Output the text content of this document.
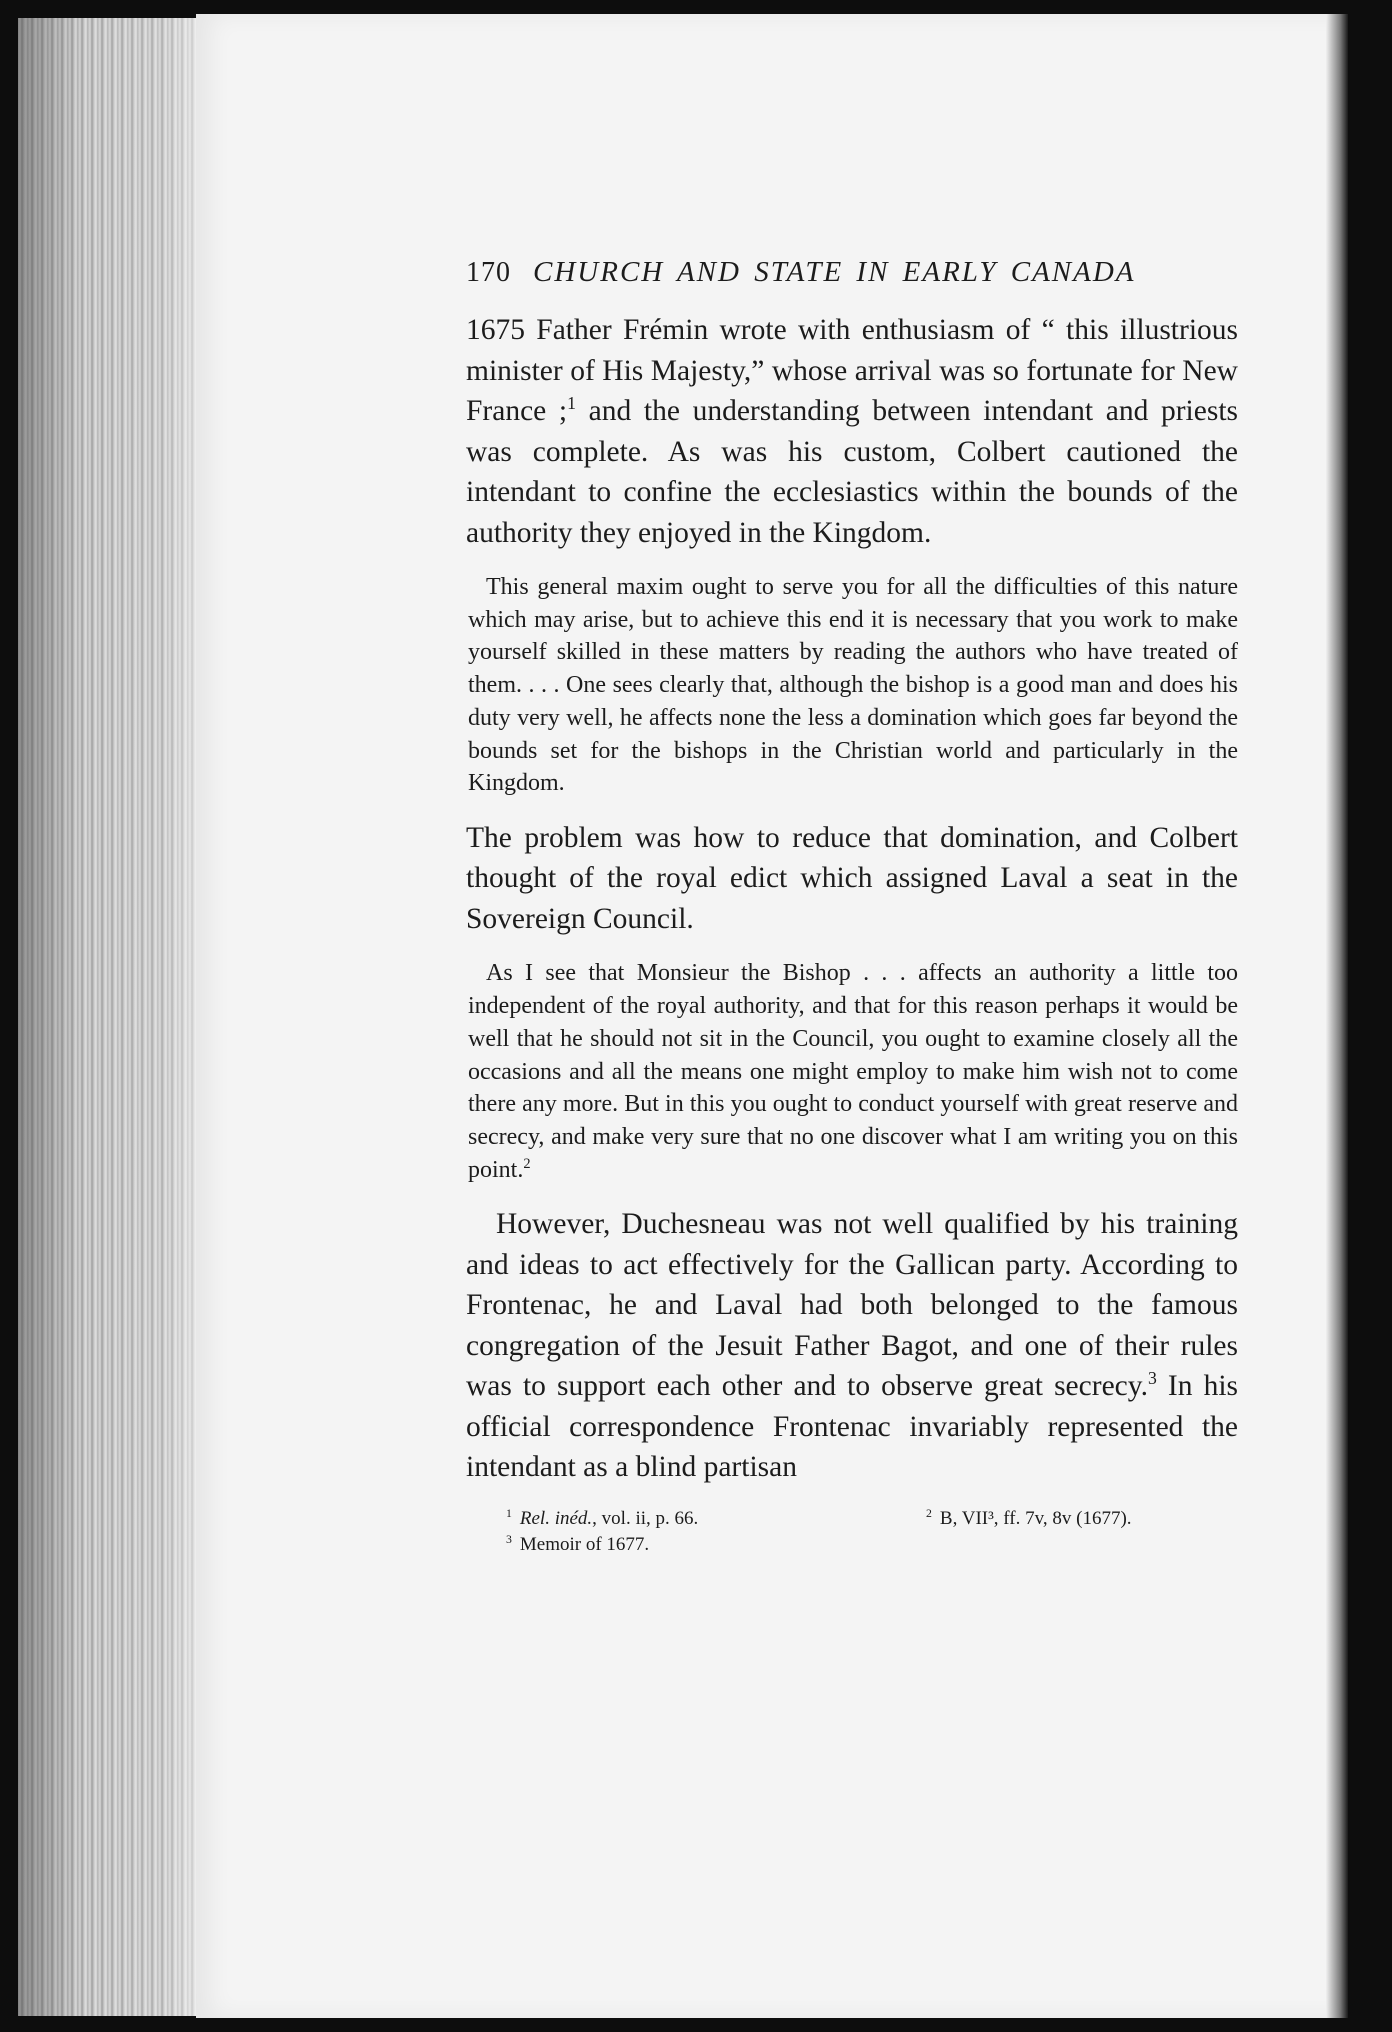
170 CHURCH AND STATE IN EARLY CANADA

1675 Father Frémin wrote with enthusiasm of “ this illustrious minister of His Majesty,” whose arrival was so fortunate for New France ;$^1$ and the understanding between intendant and priests was complete. As was his custom, Colbert cautioned the intendant to confine the ecclesiastics within the bounds of the authority they enjoyed in the Kingdom.

This general maxim ought to serve you for all the difficulties of this nature which may arise, but to achieve this end it is necessary that you work to make yourself skilled in these matters by reading the authors who have treated of them. . . . One sees clearly that, although the bishop is a good man and does his duty very well, he affects none the less a domination which goes far beyond the bounds set for the bishops in the Christian world and particularly in the Kingdom.

The problem was how to reduce that domination, and Colbert thought of the royal edict which assigned Laval a seat in the Sovereign Council.

As I see that Monsieur the Bishop . . . affects an authority a little too independent of the royal authority, and that for this reason perhaps it would be well that he should not sit in the Council, you ought to examine closely all the occasions and all the means one might employ to make him wish not to come there any more. But in this you ought to conduct yourself with great reserve and secrecy, and make very sure that no one discover what I am writing you on this point.$^2$

However, Duchesneau was not well qualified by his training and ideas to act effectively for the Gallican party. According to Frontenac, he and Laval had both belonged to the famous congregation of the Jesuit Father Bagot, and one of their rules was to support each other and to observe great secrecy.$^3$ In his official correspondence Frontenac invariably represented the intendant as a blind partisan

$^1$ Rel. inéd., vol. ii, p. 66.	$^2$ B, VII³, ff. 7v, 8v (1677).
$^3$ Memoir of 1677.
